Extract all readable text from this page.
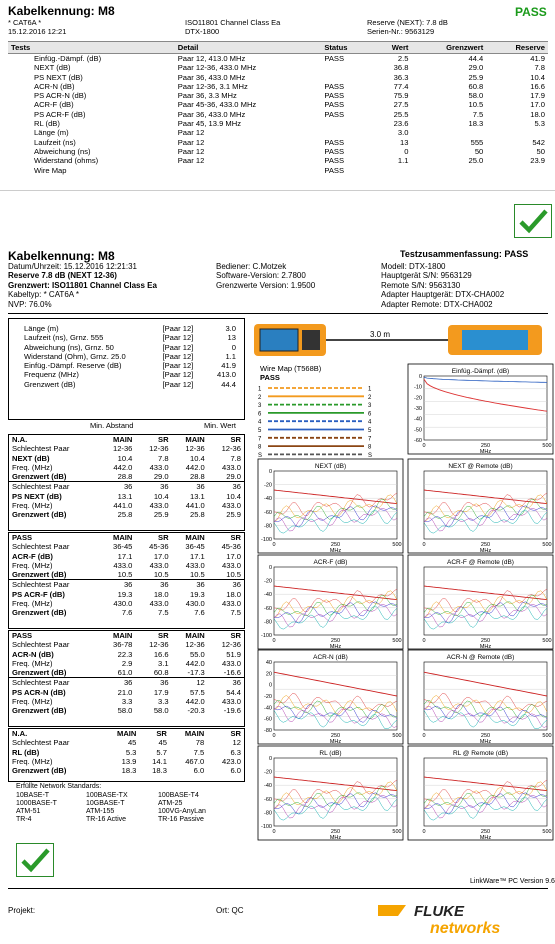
Kabelkennung: M8	PASS
* CAT6A *
15.12.2016 12:21
ISO11801 Channel Class Ea
DTX-1800
Reserve (NEXT): 7.8 dB
Serien-Nr.: 9563129
Tests	Detail	Status	Wert	Grenzwert	Reserve
Einfüg.-Dämpf. (dB)	Paar 12, 413.0 MHz	PASS	2.5	44.4	41.9
NEXT (dB)	Paar 12-36, 433.0 MHz		36.8	29.0	7.8
PS NEXT (dB)	Paar 36, 433.0 MHz		36.3	25.9	10.4
ACR-N (dB)	Paar 12-36, 3.1 MHz	PASS	77.4	60.8	16.6
PS ACR-N (dB)	Paar 36, 3.3 MHz	PASS	75.9	58.0	17.9
ACR-F (dB)	Paar 45-36, 433.0 MHz	PASS	27.5	10.5	17.0
PS ACR-F (dB)	Paar 36, 433.0 MHz	PASS	25.5	7.5	18.0
RL (dB)	Paar 45, 13.9 MHz		23.6	18.3	5.3
Länge (m)	Paar 12		3.0		
Laufzeit (ns)	Paar 12	PASS	13	555	542
Abweichung (ns)	Paar 12	PASS	0	50	50
Widerstand (ohms)	Paar 12	PASS	1.1	25.0	23.9
Wire Map		PASS			
Kabelkennung: M8	Testzusammenfassung: PASS
Datum/Uhrzeit: 15.12.2016 12:21:31
Reserve 7.8 dB (NEXT 12-36)
Grenzwert: ISO11801 Channel Class Ea
Kabeltyp: * CAT6A *
NVP: 76.0%
Bediener: C.Motzek
Software-Version: 2.7800
Grenzwerte Version: 1.9500
Modell: DTX-1800
Hauptgerät S/N: 9563129
Remote S/N: 9563130
Adapter Hauptgerät: DTX-CHA002
Adapter Remote: DTX-CHA002
Länge (m)	[Paar 12]	3.0
Laufzeit (ns), Grnz. 555	[Paar 12]	13
Abweichung (ns), Grnz. 50	[Paar 12]	0
Widerstand (Ohm), Grnz. 25.0	[Paar 12]	1.1

Einfüg.-Dämpf. Reserve (dB)	[Paar 12]	41.9
Frequenz (MHz)	[Paar 12]	413.0
Grenzwert (dB)	[Paar 12]	44.4
Min. Abstand	Min. Wert
N.A.	MAIN	SR	MAIN	SR
Schlechtest Paar	12-36	12-36	12-36	12-36
NEXT (dB)	10.4	7.8	10.4	7.8
Freq. (MHz)	442.0	433.0	442.0	433.0
Grenzwert (dB)	28.8	29.0	28.8	29.0
Schlechtest Paar	36	36	36	36
PS NEXT (dB)	13.1	10.4	13.1	10.4
Freq. (MHz)	441.0	433.0	441.0	433.0
Grenzwert (dB)	25.8	25.9	25.8	25.9
PASS	MAIN	SR	MAIN	SR
Schlechtest Paar	36-45	45-36	36-45	45-36
ACR-F (dB)	17.1	17.0	17.1	17.0
Freq. (MHz)	433.0	433.0	433.0	433.0
Grenzwert (dB)	10.5	10.5	10.5	10.5
Schlechtest Paar	36	36	36	36
PS ACR-F (dB)	19.3	18.0	19.3	18.0
Freq. (MHz)	430.0	433.0	430.0	433.0
Grenzwert (dB)	7.6	7.5	7.6	7.5
PASS	MAIN	SR	MAIN	SR
Schlechtest Paar	36-78	12-36	12-36	12-36
ACR-N (dB)	22.3	16.6	55.0	51.9
Freq. (MHz)	2.9	3.1	442.0	433.0
Grenzwert (dB)	61.0	60.8	-17.3	-16.6
Schlechtest Paar	36	36	12	36
PS ACR-N (dB)	21.0	17.9	57.5	54.4
Freq. (MHz)	3.3	3.3	442.0	433.0
Grenzwert (dB)	58.0	58.0	-20.3	-19.6
N.A.	MAIN	SR	MAIN	SR
Schlechtest Paar	45	45	78	12
RL (dB)	5.3	5.7	7.5	6.3
Freq. (MHz)	13.9	14.1	467.0	423.0
Grenzwert (dB)	18.3	18.3	6.0	6.0
Erfüllte Network Standards:
10BASE-T	100BASE-TX	100BASE-T4
1000BASE-T	10GBASE-T	ATM-25
ATM-51	ATM-155	100VG-AnyLan
TR-4	TR-16 Active	TR-16 Passive
3.0 m
Wire Map (T568B)
PASS
1	1
2	2
3	3
6	6
4	4
5	5
7	7
8	8
S	S
Einfüg.-Dämpf. (dB)
0
-10
-20
-30
-40
-50
-60
0	250	500
MHz
NEXT (dB)
0
-20
-40
-60
-80
-100
0	250	500
MHz
NEXT @ Remote (dB)
0	250	500
MHz
ACR-F (dB)
0
-20
-40
-60
-80
-100
0	250	500
MHz
ACR-F @ Remote (dB)
0	250	500
MHz
ACR-N (dB)
40
20
0
-20
-40
-60
-80
0	250	500
MHz
ACR-N @ Remote (dB)
0	250	500
MHz
RL (dB)
0
-20
-40
-60
-80
-100
0	250	500
MHz
RL @ Remote (dB)
0	250	500
MHz
LinkWare™ PC Version 9.6
Projekt:	Ort: QC	FLUKE
networks
